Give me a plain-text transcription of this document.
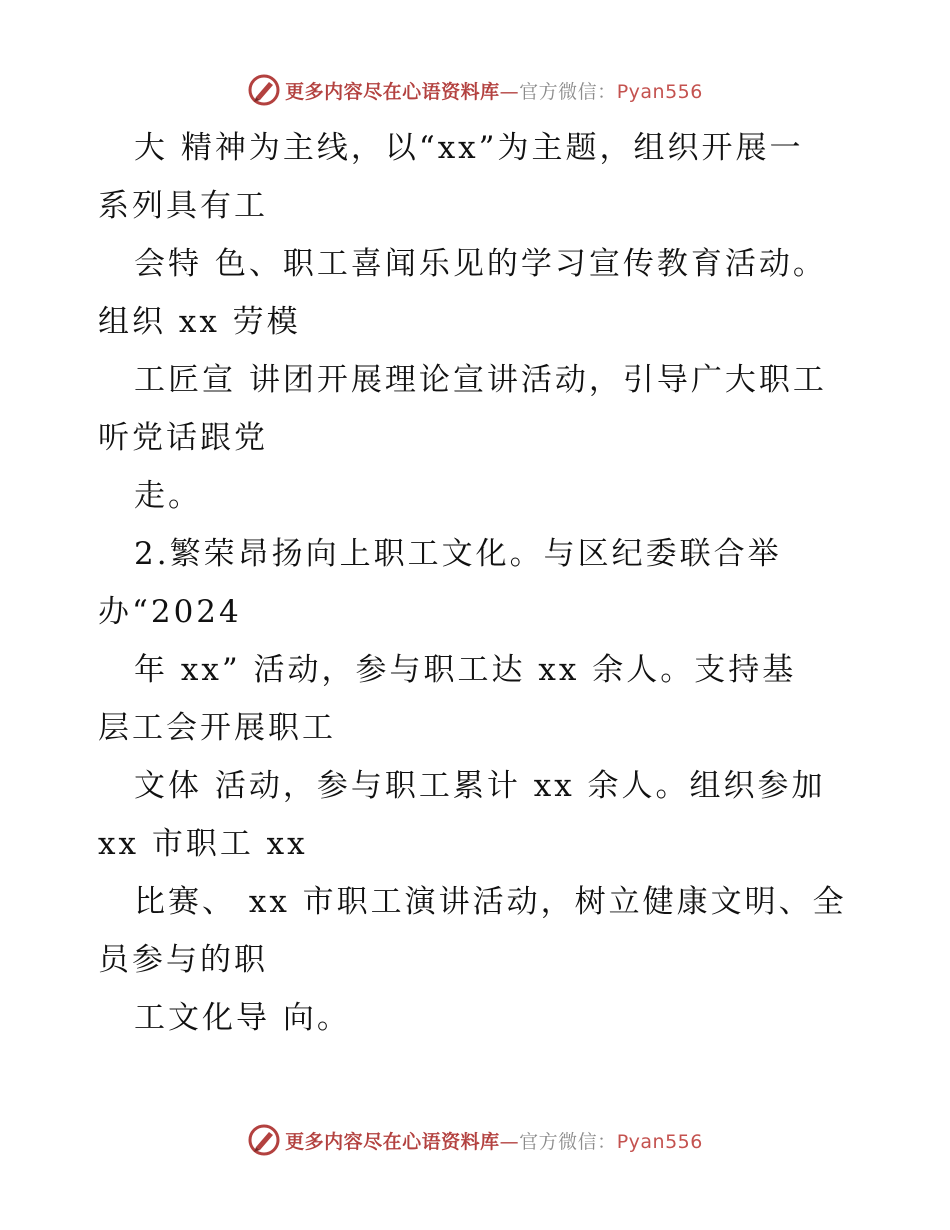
更多内容尽在心语资料库—官方微信：Pyan556
大 精神为主线，以“xx”为主题，组织开展一
系列具有工
会特 色、职工喜闻乐见的学习宣传教育活动。
组织 xx 劳模
工匠宣 讲团开展理论宣讲活动，引导广大职工
听党话跟党
走。
2.繁荣昂扬向上职工文化。与区纪委联合举
办“2024
年 xx” 活动，参与职工达 xx 余人。支持基
层工会开展职工
文体 活动，参与职工累计 xx 余人。组织参加
xx 市职工 xx
比赛、 xx 市职工演讲活动，树立健康文明、全
员参与的职
工文化导 向。
更多内容尽在心语资料库—官方微信：Pyan556
